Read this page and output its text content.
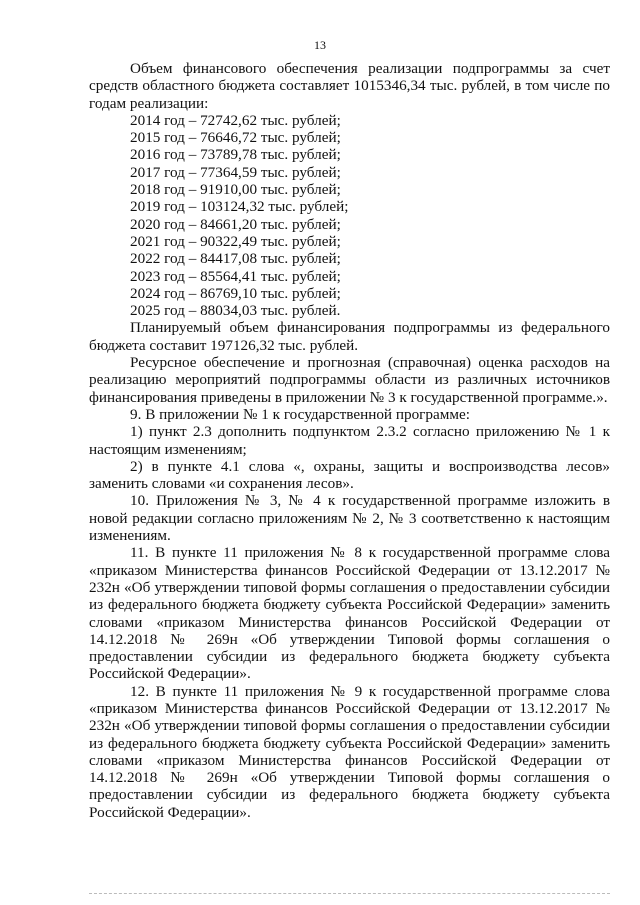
13

Объем финансового обеспечения реализации подпрограммы за счет средств областного бюджета составляет 1015346,34 тыс. рублей, в том числе по годам реализации:

2014 год – 72742,62 тыс. рублей;
2015 год – 76646,72 тыс. рублей;
2016 год – 73789,78 тыс. рублей;
2017 год – 77364,59 тыс. рублей;
2018 год – 91910,00 тыс. рублей;
2019 год – 103124,32 тыс. рублей;
2020 год – 84661,20 тыс. рублей;
2021 год – 90322,49 тыс. рублей;
2022 год – 84417,08 тыс. рублей;
2023 год – 85564,41 тыс. рублей;
2024 год – 86769,10 тыс. рублей;
2025 год – 88034,03 тыс. рублей.

Планируемый объем финансирования подпрограммы из федерального бюджета составит 197126,32 тыс. рублей.

Ресурсное обеспечение и прогнозная (справочная) оценка расходов на реализацию мероприятий подпрограммы области из различных источников финансирования приведены в приложении № 3 к государственной программе.».

9. В приложении № 1 к государственной программе:

1) пункт 2.3 дополнить подпунктом 2.3.2 согласно приложению № 1 к настоящим изменениям;

2) в пункте 4.1 слова «, охраны, защиты и воспроизводства лесов» заменить словами «и сохранения лесов».

10. Приложения № 3, № 4 к государственной программе изложить в новой редакции согласно приложениям № 2, № 3 соответственно к настоящим изменениям.

11. В пункте 11 приложения № 8 к государственной программе слова «приказом Министерства финансов Российской Федерации от 13.12.2017 № 232н «Об утверждении типовой формы соглашения о предоставлении субсидии из федерального бюджета бюджету субъекта Российской Федерации» заменить словами «приказом Министерства финансов Российской Федерации от 14.12.2018 № 269н «Об утверждении Типовой формы соглашения о предоставлении субсидии из федерального бюджета бюджету субъекта Российской Федерации».

12. В пункте 11 приложения № 9 к государственной программе слова «приказом Министерства финансов Российской Федерации от 13.12.2017 № 232н «Об утверждении типовой формы соглашения о предоставлении субсидии из федерального бюджета бюджету субъекта Российской Федерации» заменить словами «приказом Министерства финансов Российской Федерации от 14.12.2018 № 269н «Об утверждении Типовой формы соглашения о предоставлении субсидии из федерального бюджета бюджету субъекта Российской Федерации».
